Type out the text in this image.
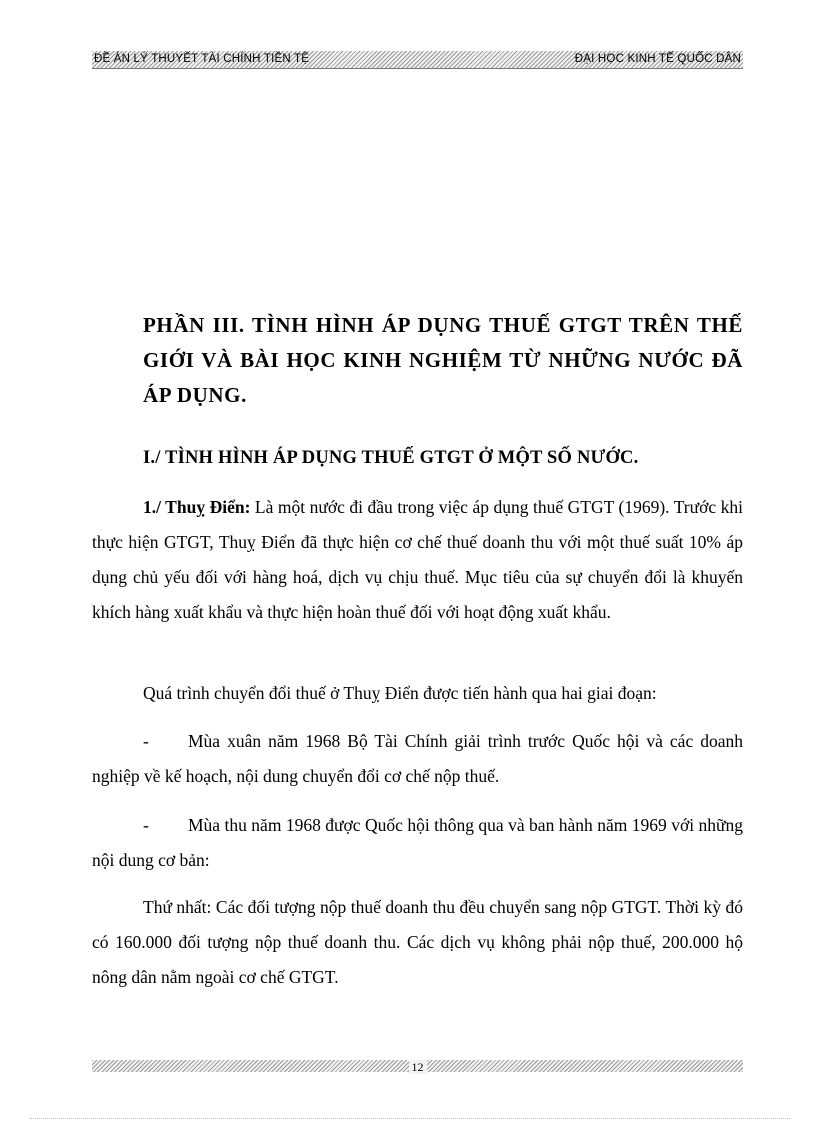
ĐỀ ÁN LÝ THUYẾT TÀI CHÍNH TIỀN TỆ	ĐẠI HỌC KINH TẾ QUỐC DÂN
PHẦN III. TÌNH HÌNH ÁP DỤNG THUẾ GTGT TRÊN THẾ GIỚI VÀ BÀI HỌC KINH NGHIỆM TỪ NHỮNG NƯỚC ĐÃ ÁP DỤNG.
I./ TÌNH HÌNH ÁP DỤNG THUẾ GTGT Ở MỘT SỐ NƯỚC.

1./ Thuỵ Điển: Là một nước đi đầu trong việc áp dụng thuế GTGT (1969). Trước khi thực hiện GTGT, Thuỵ Điển đã thực hiện cơ chế thuế doanh thu với một thuế suất 10% áp dụng chủ yếu đối với hàng hoá, dịch vụ chịu thuế. Mục tiêu của sự chuyển đổi là khuyến khích hàng xuất khẩu và thực hiện hoàn thuế đối với hoạt động xuất khẩu.

Quá trình chuyển đổi thuế ở Thuỵ Điển được tiến hành qua hai giai đoạn:

- Mùa xuân năm 1968 Bộ Tài Chính giải trình trước Quốc hội và các doanh nghiệp về kế hoạch, nội dung chuyển đổi cơ chế nộp thuế.

- Mùa thu năm 1968 được Quốc hội thông qua và ban hành năm 1969 với những nội dung cơ bản:

Thứ nhất: Các đối tượng nộp thuế doanh thu đều chuyển sang nộp GTGT. Thời kỳ đó có 160.000 đối tượng nộp thuế doanh thu. Các dịch vụ không phải nộp thuế, 200.000 hộ nông dân nằm ngoài cơ chế GTGT.

12
